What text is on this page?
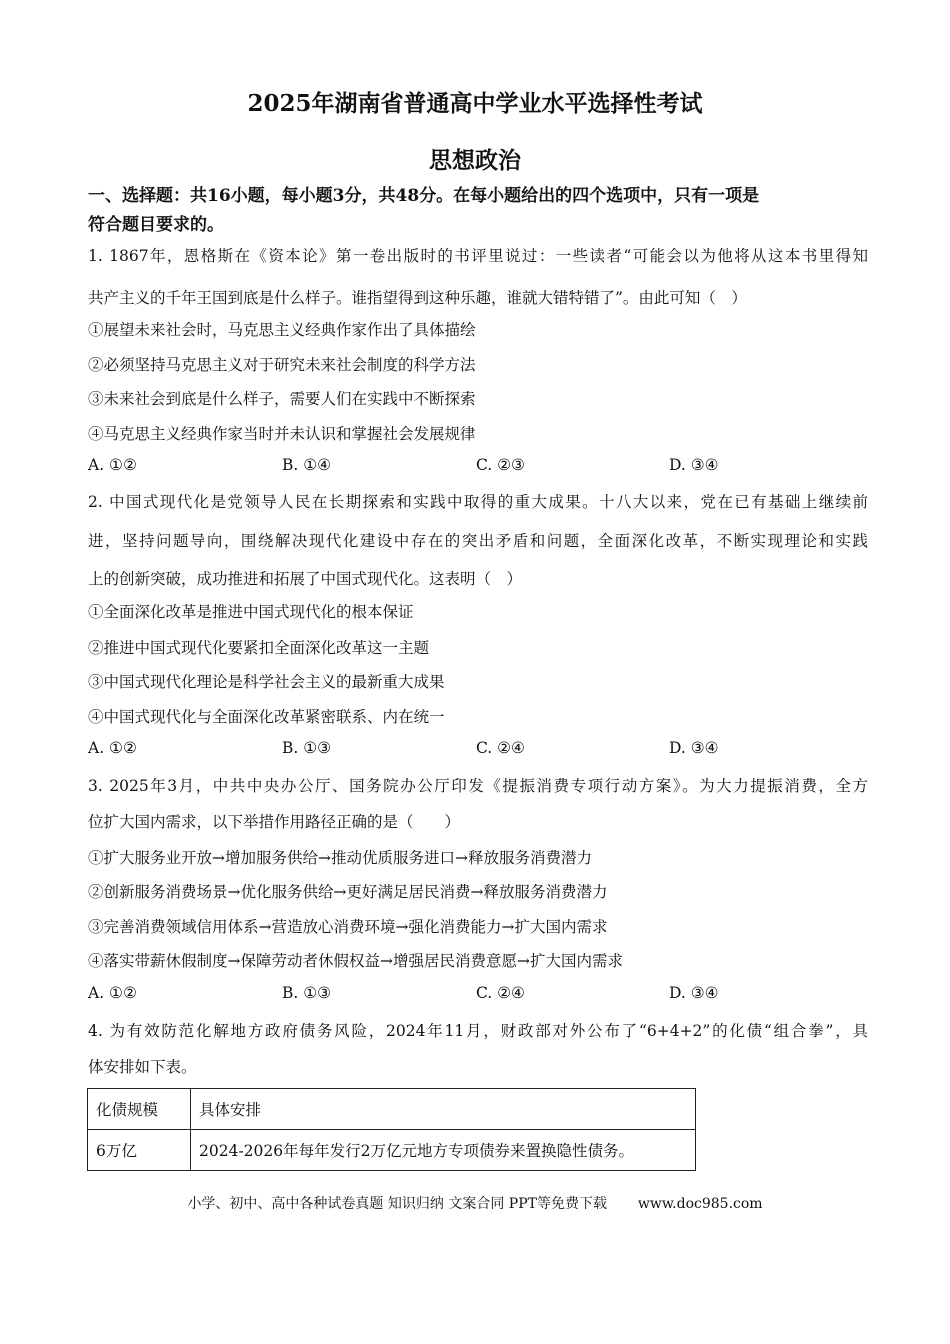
2025年湖南省普通高中学业水平选择性考试
思想政治
一、选择题：共16小题，每小题3分，共48分。在每小题给出的四个选项中，只有一项是
符合题目要求的。
1. 1867年，恩格斯在《资本论》第一卷出版时的书评里说过：一些读者“可能会以为他将从这本书里得知
共产主义的千年王国到底是什么样子。谁指望得到这种乐趣，谁就大错特错了”。由此可知（　）
①展望未来社会时，马克思主义经典作家作出了具体描绘
②必须坚持马克思主义对于研究未来社会制度的科学方法
③未来社会到底是什么样子，需要人们在实践中不断探索
④马克思主义经典作家当时并未认识和掌握社会发展规律
A. ①②	B. ①④	C. ②③	D. ③④
2. 中国式现代化是党领导人民在长期探索和实践中取得的重大成果。十八大以来，党在已有基础上继续前
进，坚持问题导向，围绕解决现代化建设中存在的突出矛盾和问题，全面深化改革，不断实现理论和实践
上的创新突破，成功推进和拓展了中国式现代化。这表明（　）
①全面深化改革是推进中国式现代化的根本保证
②推进中国式现代化要紧扣全面深化改革这一主题
③中国式现代化理论是科学社会主义的最新重大成果
④中国式现代化与全面深化改革紧密联系、内在统一
A. ①②	B. ①③	C. ②④	D. ③④
3. 2025年3月，中共中央办公厅、国务院办公厅印发《提振消费专项行动方案》。为大力提振消费，全方
位扩大国内需求，以下举措作用路径正确的是（　　）
①扩大服务业开放→增加服务供给→推动优质服务进口→释放服务消费潜力
②创新服务消费场景→优化服务供给→更好满足居民消费→释放服务消费潜力
③完善消费领域信用体系→营造放心消费环境→强化消费能力→扩大国内需求
④落实带薪休假制度→保障劳动者休假权益→增强居民消费意愿→扩大国内需求
A. ①②	B. ①③	C. ②④	D. ③④
4. 为有效防范化解地方政府债务风险，2024年11月，财政部对外公布了“6+4+2”的化债“组合拳”，具
体安排如下表。
化债规模	具体安排
6万亿	2024-2026年每年发行2万亿元地方专项债券来置换隐性债务。
小学、初中、高中各种试卷真题 知识归纳 文案合同 PPT等免费下载 www.doc985.com
